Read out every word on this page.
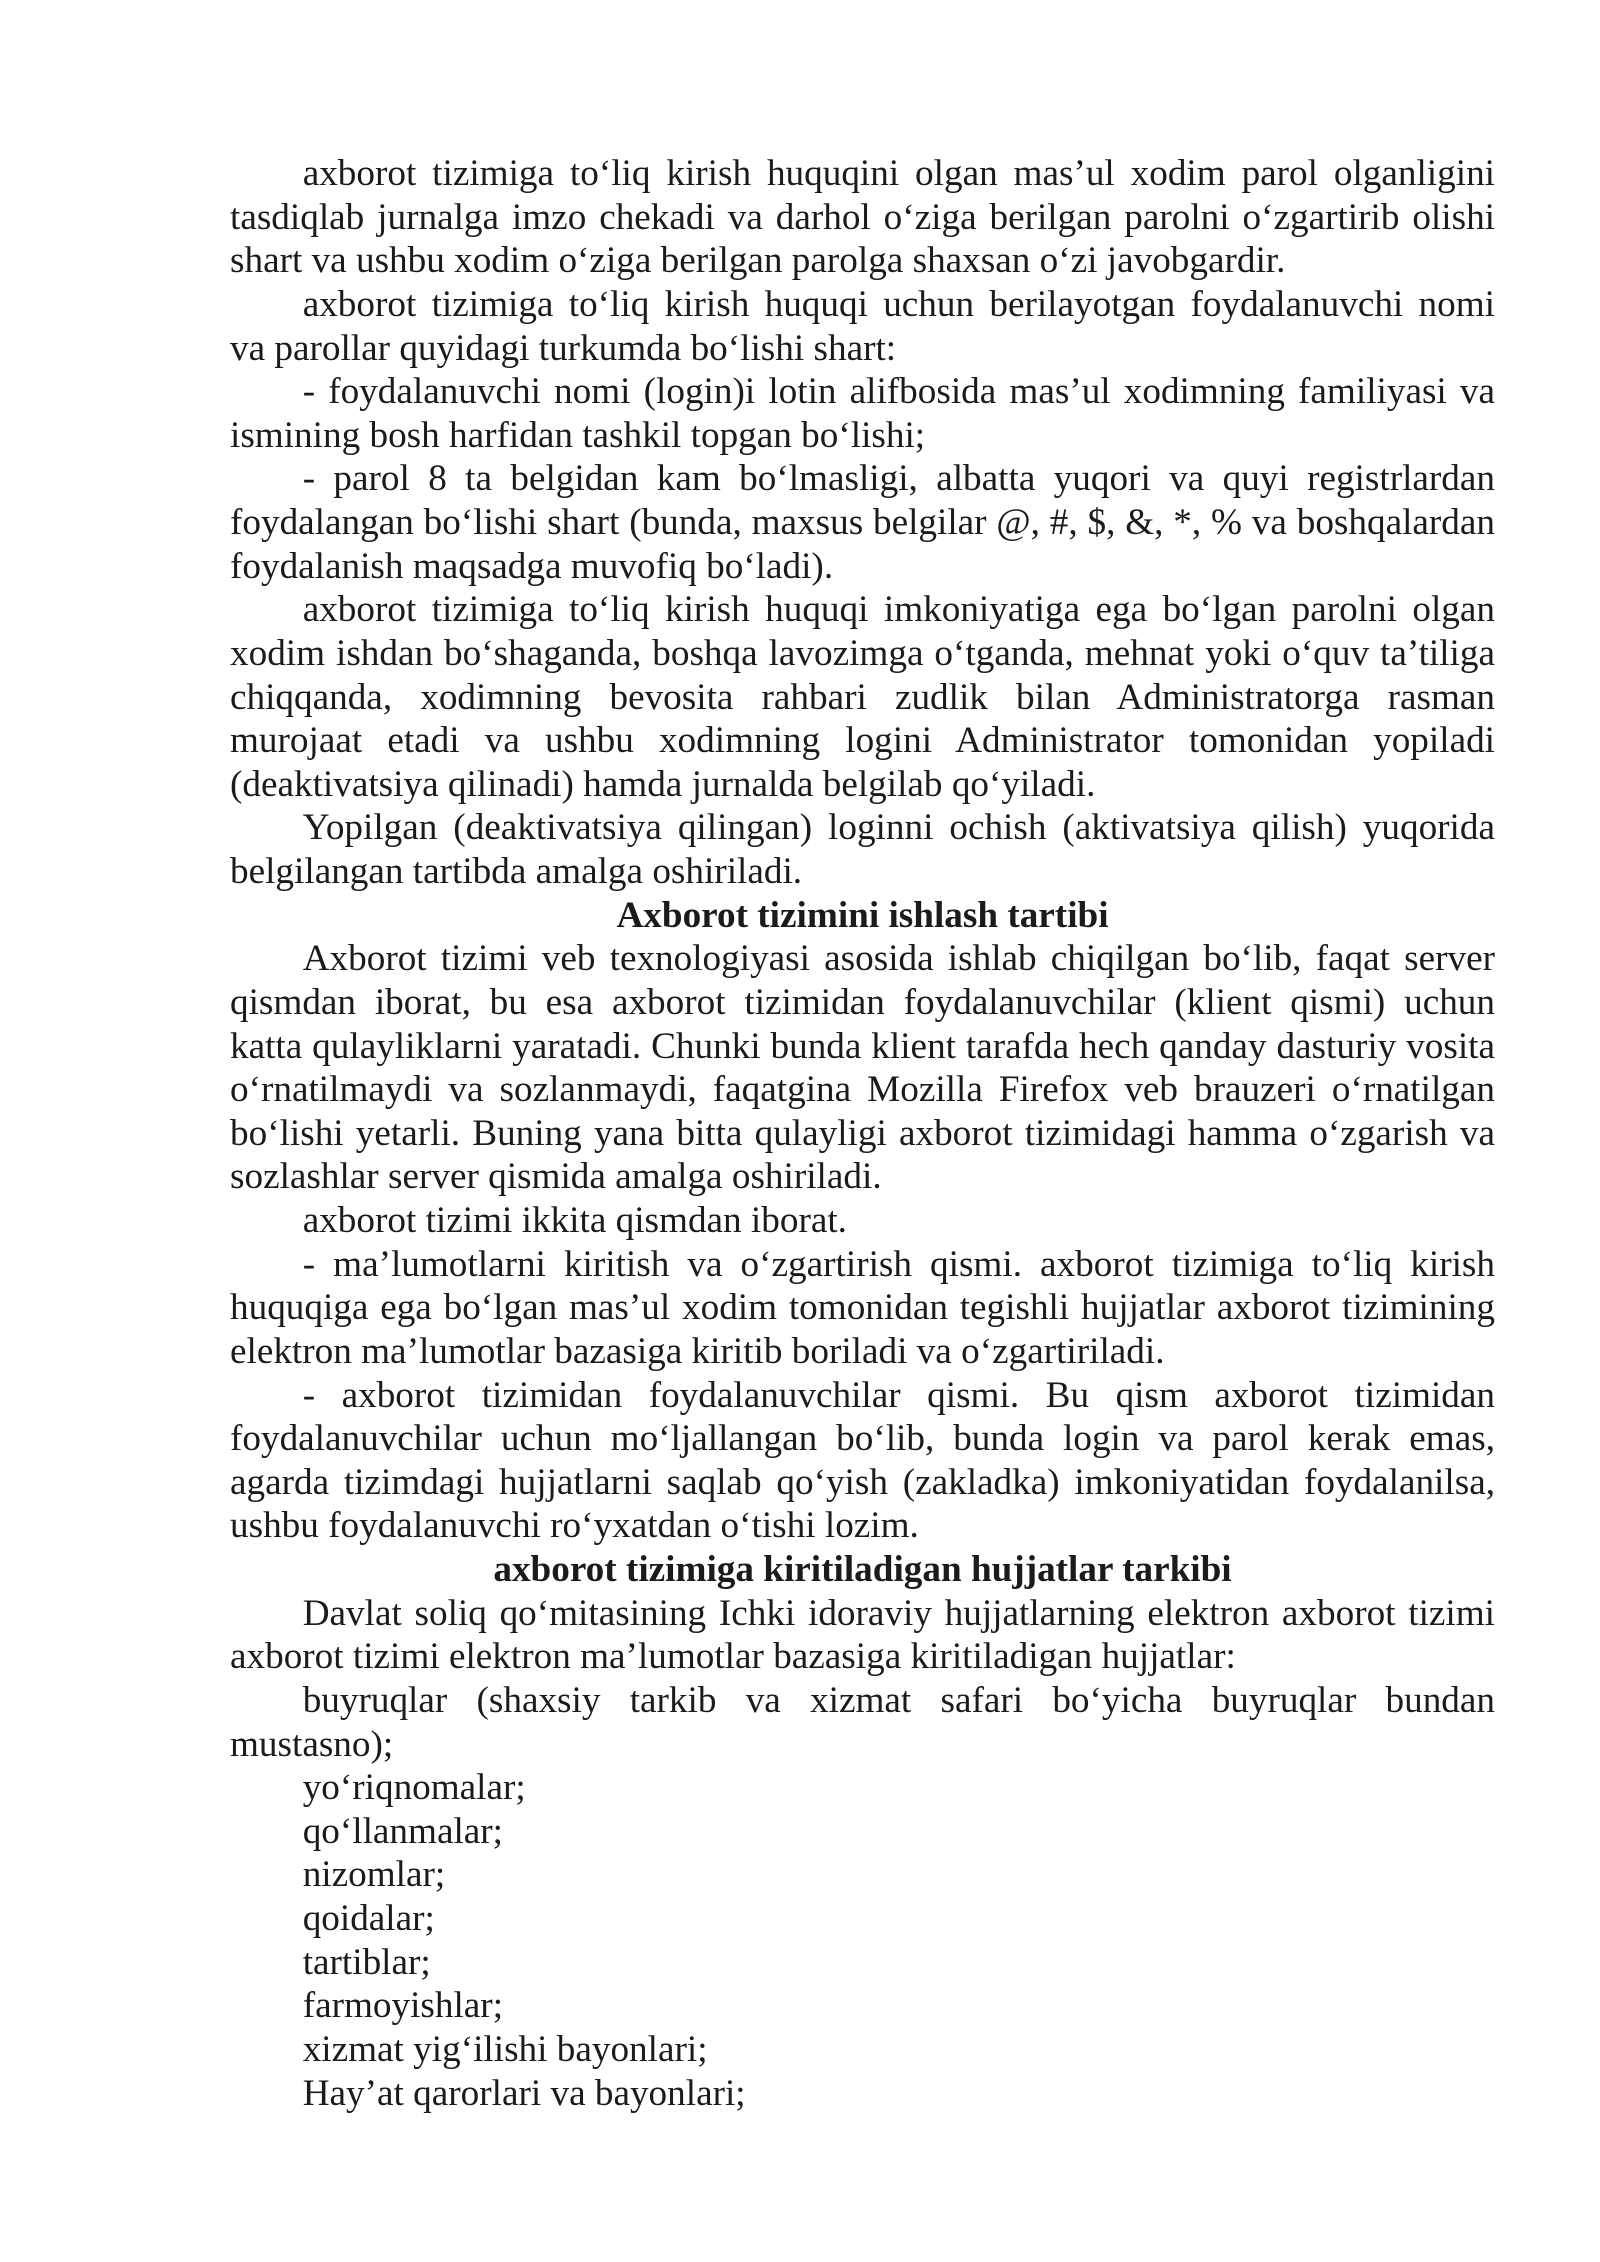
axborot tizimiga to‘liq kirish huquqini olgan mas’ul xodim parol olganligini
tasdiqlab jurnalga imzo chekadi va darhol o‘ziga berilgan parolni o‘zgartirib olishi
shart va ushbu xodim o‘ziga berilgan parolga shaxsan o‘zi javobgardir.
axborot tizimiga to‘liq kirish huquqi uchun berilayotgan foydalanuvchi nomi
va parollar quyidagi turkumda bo‘lishi shart:
- foydalanuvchi nomi (login)i lotin alifbosida mas’ul xodimning familiyasi va
ismining bosh harfidan tashkil topgan bo‘lishi;
- parol 8 ta belgidan kam bo‘lmasligi, albatta yuqori va quyi registrlardan
foydalangan bo‘lishi shart (bunda, maxsus belgilar @, #, $, &, *, % va boshqalardan
foydalanish maqsadga muvofiq bo‘ladi).
axborot tizimiga to‘liq kirish huquqi imkoniyatiga ega bo‘lgan parolni olgan
xodim ishdan bo‘shaganda, boshqa lavozimga o‘tganda, mehnat yoki o‘quv ta’tiliga
chiqqanda, xodimning bevosita rahbari zudlik bilan Administratorga rasman
murojaat etadi va ushbu xodimning logini Administrator tomonidan yopiladi
(deaktivatsiya qilinadi) hamda jurnalda belgilab qo‘yiladi.
Yopilgan (deaktivatsiya qilingan) loginni ochish (aktivatsiya qilish) yuqorida
belgilangan tartibda amalga oshiriladi.
Axborot tizimini ishlash tartibi
Axborot tizimi veb texnologiyasi asosida ishlab chiqilgan bo‘lib, faqat server
qismdan iborat, bu esa axborot tizimidan foydalanuvchilar (klient qismi) uchun
katta qulayliklarni yaratadi. Chunki bunda klient tarafda hech qanday dasturiy vosita
o‘rnatilmaydi va sozlanmaydi, faqatgina Mozilla Firefox veb brauzeri o‘rnatilgan
bo‘lishi yetarli. Buning yana bitta qulayligi axborot tizimidagi hamma o‘zgarish va
sozlashlar server qismida amalga oshiriladi.
axborot tizimi ikkita qismdan iborat.
- ma’lumotlarni kiritish va o‘zgartirish qismi. axborot tizimiga to‘liq kirish
huquqiga ega bo‘lgan mas’ul xodim tomonidan tegishli hujjatlar axborot tizimining
elektron ma’lumotlar bazasiga kiritib boriladi va o‘zgartiriladi.
- axborot tizimidan foydalanuvchilar qismi. Bu qism axborot tizimidan
foydalanuvchilar uchun mo‘ljallangan bo‘lib, bunda login va parol kerak emas,
agarda tizimdagi hujjatlarni saqlab qo‘yish (zakladka) imkoniyatidan foydalanilsa,
ushbu foydalanuvchi ro‘yxatdan o‘tishi lozim.
axborot tizimiga kiritiladigan hujjatlar tarkibi
Davlat soliq qo‘mitasining Ichki idoraviy hujjatlarning elektron axborot tizimi
axborot tizimi elektron ma’lumotlar bazasiga kiritiladigan hujjatlar:
buyruqlar (shaxsiy tarkib va xizmat safari bo‘yicha buyruqlar bundan
mustasno);
yo‘riqnomalar;
qo‘llanmalar;
nizomlar;
qoidalar;
tartiblar;
farmoyishlar;
xizmat yig‘ilishi bayonlari;
Hay’at qarorlari va bayonlari;
